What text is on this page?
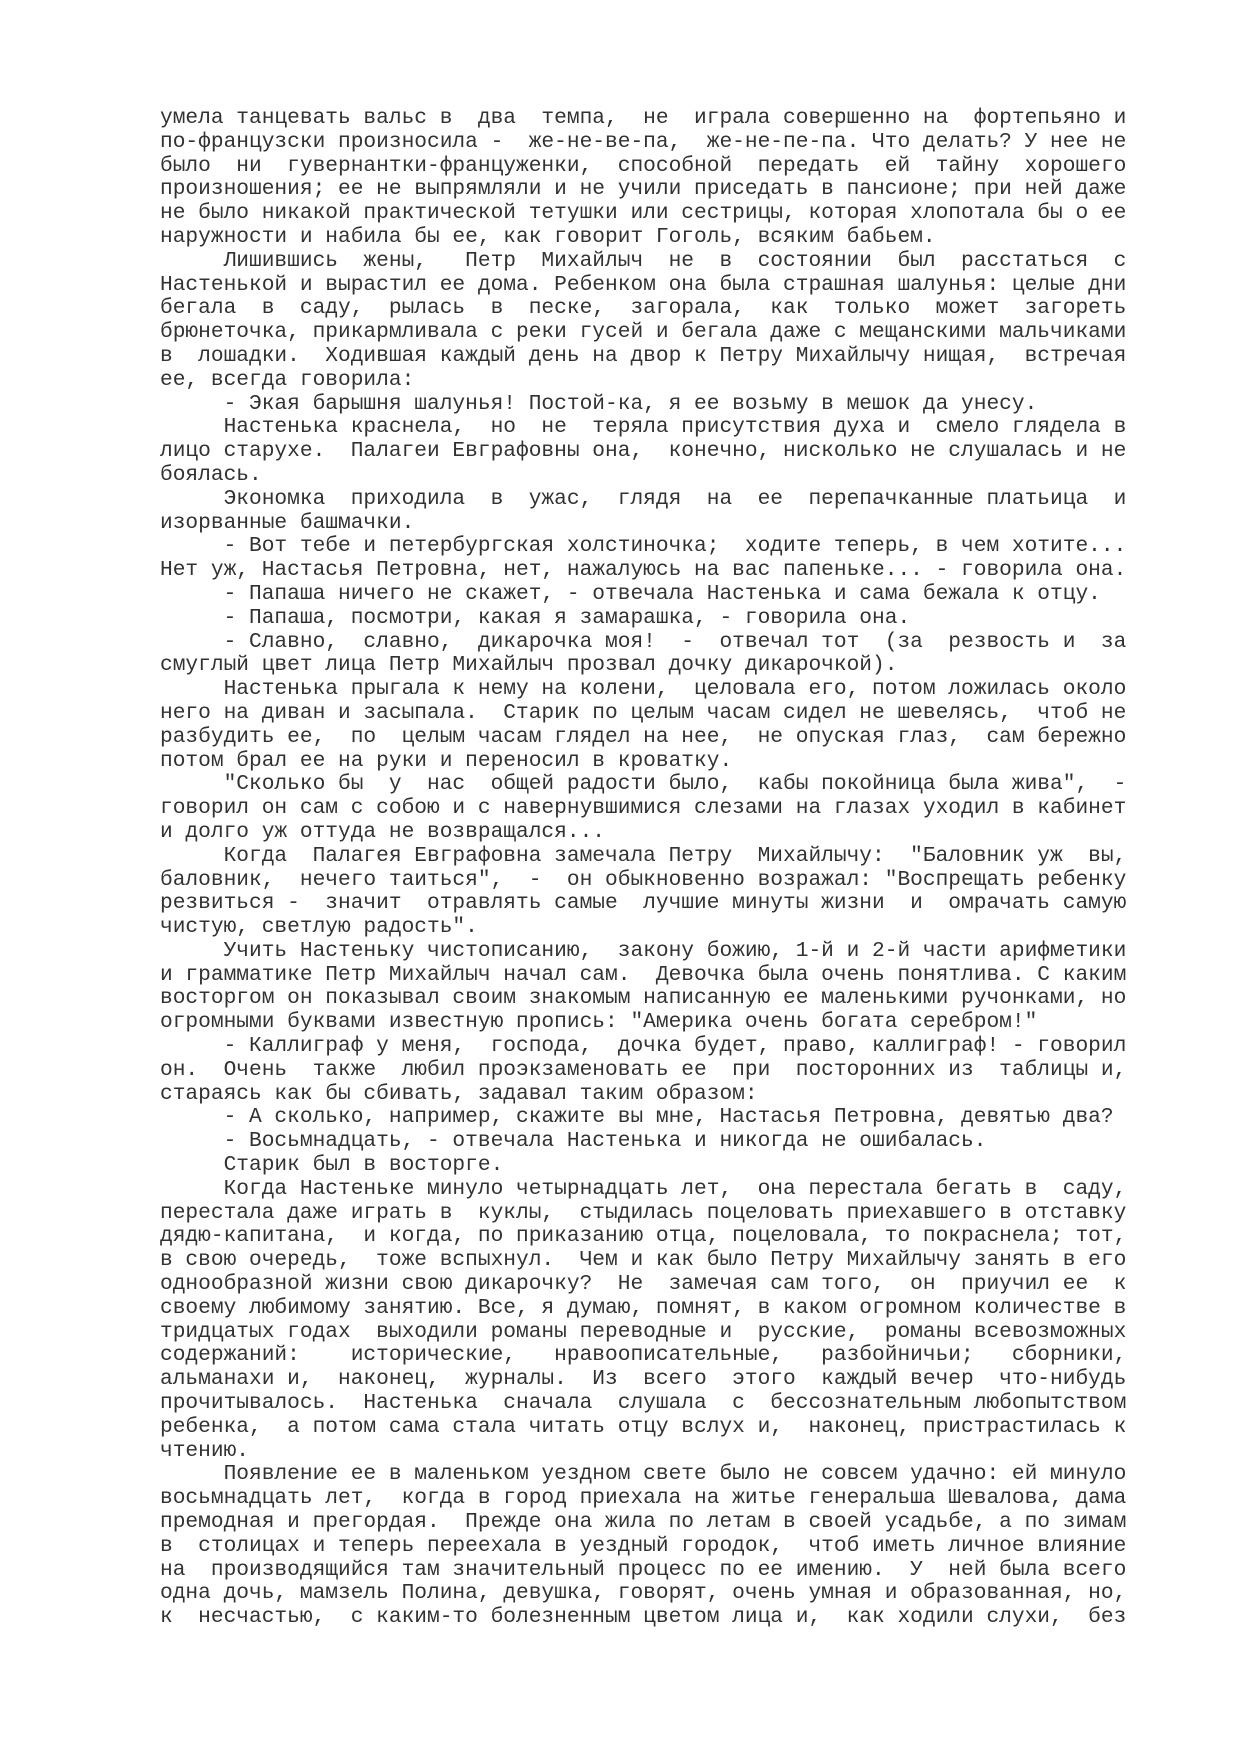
умела танцевать вальс в  два  темпа,  не  играла совершенно на  фортепьяно и
по-французски произносила -  же-не-ве-па,  же-не-пе-па. Что делать? У нее не
было  ни  гувернантки-француженки,  способной  передать  ей  тайну  хорошего
произношения; ее не выпрямляли и не учили приседать в пансионе; при ней даже
не было никакой практической тетушки или сестрицы, которая хлопотала бы о ее
наружности и набила бы ее, как говорит Гоголь, всяким бабьем.
Лишившись  жены,   Петр  Михайлыч  не  в  состоянии  был  расстаться  с
Настенькой и вырастил ее дома. Ребенком она была страшная шалунья: целые дни
бегала  в  саду,  рылась  в  песке,  загорала,  как  только  может  загореть
брюнеточка, прикармливала с реки гусей и бегала даже с мещанскими мальчиками
в  лошадки.  Ходившая каждый день на двор к Петру Михайлычу нищая,  встречая
ее, всегда говорила:
- Экая барышня шалунья! Постой-ка, я ее возьму в мешок да унесу.
Настенька краснела,  но  не  теряла присутствия духа и  смело глядела в
лицо старухе.  Палагеи Евграфовны она,  конечно, нисколько не слушалась и не
боялась.
Экономка  приходила  в  ужас,  глядя  на  ее  перепачканные платьица  и
изорванные башмачки.
- Вот тебе и петербургская холстиночка;  ходите теперь, в чем хотите...
Нет уж, Настасья Петровна, нет, нажалуюсь на вас папеньке... - говорила она.
- Папаша ничего не скажет, - отвечала Настенька и сама бежала к отцу.
- Папаша, посмотри, какая я замарашка, - говорила она.
- Славно,  славно,  дикарочка моя!  -  отвечал тот  (за  резвость и  за
смуглый цвет лица Петр Михайлыч прозвал дочку дикарочкой).
Настенька прыгала к нему на колени,  целовала его, потом ложилась около
него на диван и засыпала.  Старик по целым часам сидел не шевелясь,  чтоб не
разбудить ее,  по  целым часам глядел на нее,  не опуская глаз,  сам бережно
потом брал ее на руки и переносил в кроватку.
"Сколько бы  у  нас  общей радости было,  кабы покойница была жива",  -
говорил он сам с собою и с навернувшимися слезами на глазах уходил в кабинет
и долго уж оттуда не возвращался...
Когда  Палагея Евграфовна замечала Петру  Михайлычу:  "Баловник уж  вы,
баловник,  нечего таиться",  -  он обыкновенно возражал: "Воспрещать ребенку
резвиться -  значит  отравлять самые  лучшие минуты жизни  и  омрачать самую
чистую, светлую радость".
Учить Настеньку чистописанию,  закону божию, 1-й и 2-й части арифметики
и грамматике Петр Михайлыч начал сам.  Девочка была очень понятлива. С каким
восторгом он показывал своим знакомым написанную ее маленькими ручонками, но
огромными буквами известную пропись: "Америка очень богата серебром!"
- Каллиграф у меня,  господа,  дочка будет, право, каллиграф! - говорил
он.  Очень  также  любил проэкзаменовать ее  при  посторонних из  таблицы и,
стараясь как бы сбивать, задавал таким образом:
- А сколько, например, скажите вы мне, Настасья Петровна, девятью два?
- Восьмнадцать, - отвечала Настенька и никогда не ошибалась.
Старик был в восторге.
Когда Настеньке минуло четырнадцать лет,  она перестала бегать в  саду,
перестала даже играть в  куклы,  стыдилась поцеловать приехавшего в отставку
дядю-капитана,  и когда, по приказанию отца, поцеловала, то покраснела; тот,
в свою очередь,  тоже вспыхнул.  Чем и как было Петру Михайлычу занять в его
однообразной жизни свою дикарочку?  Не  замечая сам того,  он  приучил ее  к
своему любимому занятию. Все, я думаю, помнят, в каком огромном количестве в
тридцатых годах  выходили романы переводные и  русские,  романы всевозможных
содержаний:    исторические,   нравоописательные,   разбойничьи;   сборники,
альманахи и,  наконец,  журналы.  Из  всего  этого  каждый вечер  что-нибудь
прочитывалось.  Настенька  сначала  слушала  с  бессознательным любопытством
ребенка,  а потом сама стала читать отцу вслух и,  наконец, пристрастилась к
чтению.
Появление ее в маленьком уездном свете было не совсем удачно: ей минуло
восьмнадцать лет,  когда в город приехала на житье генеральша Шевалова, дама
премодная и прегордая.  Прежде она жила по летам в своей усадьбе, а по зимам
в  столицах и теперь переехала в уездный городок,  чтоб иметь личное влияние
на  производящийся там значительный процесс по ее имению.  У  ней была всего
одна дочь, мамзель Полина, девушка, говорят, очень умная и образованная, но,
к  несчастью,  с каким-то болезненным цветом лица и,  как ходили слухи,  без
